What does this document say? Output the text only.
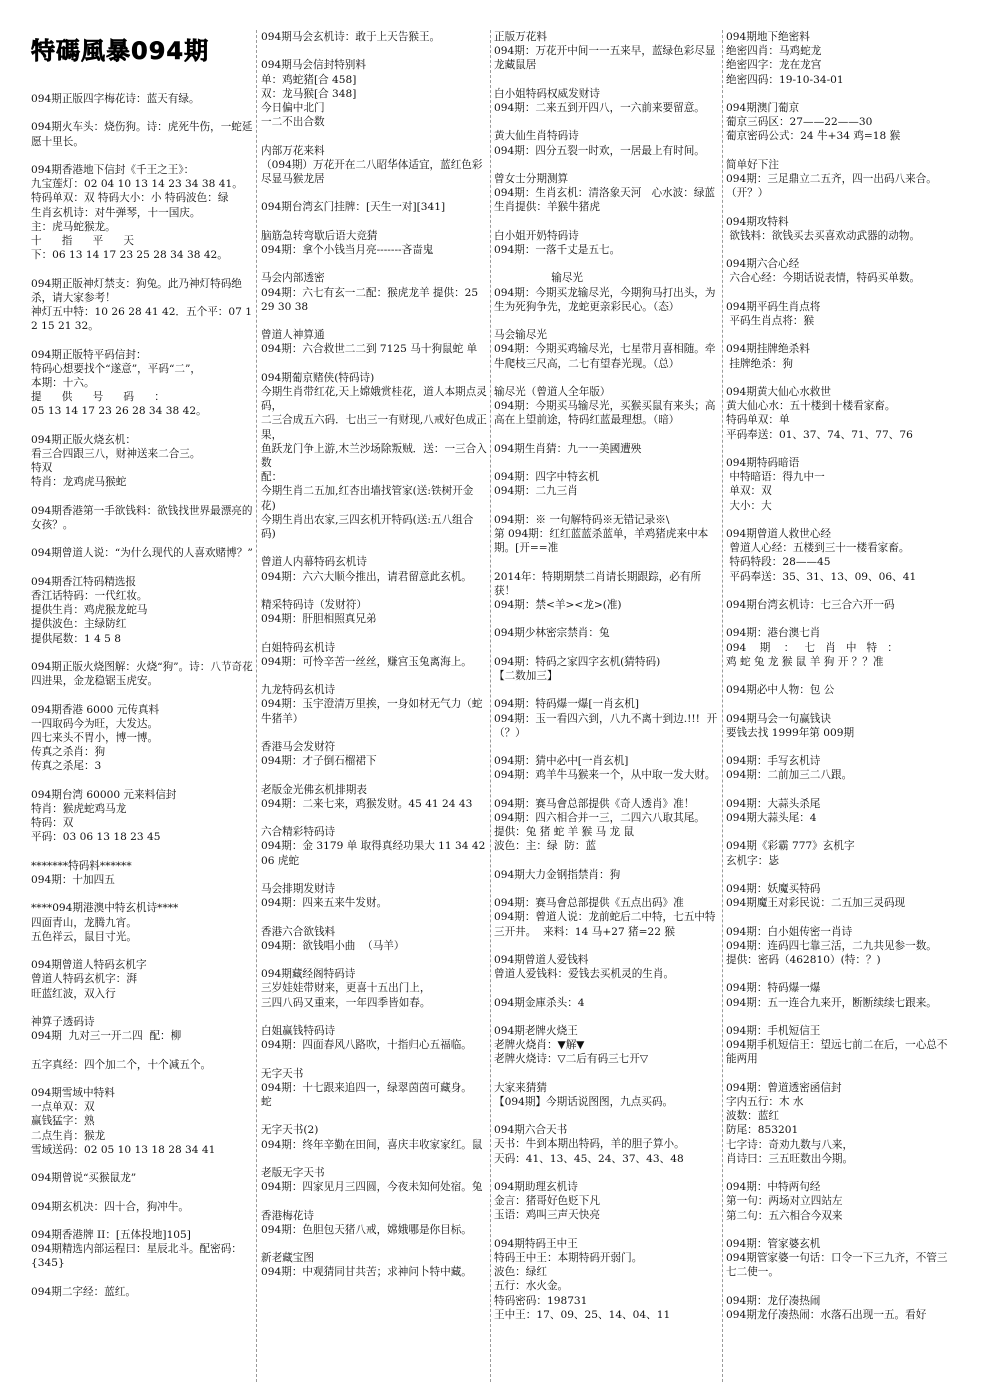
特碼風暴094期
094期正版四字梅花诗：蓝天有绿。
094期火车头：烧伤狗。诗：虎死牛伤，一蛇延愿十里长。
094期香港地下信封《千王之王》：
九宝莲灯：02 04 10 13 14 23 34 38 41。
特码单双：双 特码大小：小 特码波色：绿
生肖玄机诗：对牛弹琴，十一国庆。
主：虎马蛇猴龙。
十      指      平      天
下：06 13 14 17 23 25 28 34 38 42。
094期正版神灯禁支：狗兔。此乃神灯特码绝杀，请大家参考！
神灯五中特：10 26 28 41 42．五个平：07 12 15 21 32。
094期正版特平码信封：
特码心想要找个“遂意”，平码“二”，
本期：十六。
提      供      号      码      ：
05 13 14 17 23 26 28 34 38 42。
094期正版火烧玄机：
看三合四跟三八，财神送来二合三。
特双
特肖：龙鸡虎马猴蛇
094期香港第一手欲钱料：欲钱找世界最漂亮的女孩？。
094期曾道人说：“为什么现代的人喜欢赌博？”
094期香江特码精选报
香江话特码：一代红妆。
提供生肖：鸡虎猴龙蛇马
提供波色：主绿防红
提供尾数：1 4 5 8
094期正版火烧图解：火烧“狗”。诗：八节奇花四进果，金龙稳锯玉虎安。
094期香港 6000 元传真料
一四取码今为旺，大发达。
四七来头不胃小，博一博。
传真之杀肖：狗
传真之杀尾：3
094期台湾 60000 元来料信封
特肖：猴虎蛇鸡马龙
特码：双
平码：03 06 13 18 23 45
*******特码料******
094期：十加四五
****094期港澳中特玄机诗****
四面青山，龙腾九宵。
五色祥云，鼠目寸光。
094期曾道人特码玄机字
曾道人特码玄机字：湃
旺蓝红波，双入行
神算子透码诗
094期  九对三一开二四  配：柳
五字真经：四个加二个，十个减五个。
094期雪域中特料
一点单双：双
赢钱猛字：熟
二点生肖：猴龙
雪域送码：02 05 10 13 18 28 34 41
094期曾说“买猴鼠龙”
094期玄机决：四十合，狗冲牛。
094期香港牌 II：[五体投地]105]
094期精选内部运程曰：星辰北斗。配密码：{345}
094期二字经：蓝红。
094期马会玄机诗：敢于上天告猴王。
094期马会信封特别料
单：鸡蛇猪[合 458]
双：龙马猴[合 348]
今日偏中北门
一二不出合数
内部万花来料
（094期）万花开在二八昭华体适宜，蓝红色彩尽显马猴龙居
094期台湾玄门挂牌：[天生一对][341]
脑筋急转弯歇后语大竞猜
094期：拿个小钱当月亮-------吝啬鬼
马会内部透密
094期：六七有玄一二配：猴虎龙羊 提供：25 29 30 38
曾道人神算通
094期：六合救世二二到 7125 马十狗鼠蛇 单
094期葡京赌侠(特码诗)
今期生肖带红花,天上嫦娥赏桂花，道人本期点灵码，
二三合成五六码．七出三一有财现,八戒好色成正果，
鱼跃龙门争上游,木兰沙场除叛贼．送：一三合入数
配：
今期生肖二五加,红杏出墙找管家(送:铁树开金花)
今期生肖出农家,三四玄机开特码(送:五八组合码)
曾道人内幕特码玄机诗
094期：六六大顺今推出，请君留意此玄机。
精采特码诗（发财符）
094期：肝胆相照真兄弟
白姐特码玄机诗
094期：可怜辛苦一丝丝，赚宫玉兔离海上。
九龙特码玄机诗
094期：玉宇澄清万里挨，一身如材无气力（蛇牛猪羊）
香港马会发财符
094期：才子倒石榴裙下
老版金光佛玄机排期表
094期：二来七来，鸡猴发财。45 41 24 43
六合精彩特码诗
094期：金 3179 单 取得真经功果大 11 34 42 06 虎蛇
马会排期发财诗
094期：四来五来牛发财。
香港六合欲钱料
094期：欲钱唱小曲  （马羊）
094期藏经阁特码诗
三岁娃娃带财来，更喜十五出门上，
三四八码又重来，一年四季皆如春。
白姐赢钱特码诗
094期：四面春风八路吹，十指归心五福临。
无字天书
094期：十七跟来追四一，绿翠茵茵可藏身。  蛇
无字天书(2)
094期：终年辛勤在田间，喜庆丰收家家红。鼠
老版无字天书
094期：四家见月三四圆，今夜未知何处宿。兔
香港梅花诗
094期：色胆包天猪八戒，嫦娥哪是你目标。
新老藏宝图
094期：中观猜同甘共苦；求神问卜特中藏。
正版万花料
094期：万花开中间一一五来早，蓝绿色彩尽显龙藏鼠居
白小姐特码权威发财诗
094期：二来五到开四八，一六前来要留意。
黄大仙生肖特码诗
094期：四分五裂一时欢，一居最上有时间。
曾女士分期测算
094期：生肖玄机：清洛象天河   心水波：绿蓝   生肖提供：羊猴牛猪虎
白小姐开奶特码诗
094期：一落千丈是五七。
输尽光
094期：今期买龙输尽光，今期狗马打出头，为生为死狗争先，龙蛇更亲彩民心。（态）
马会输尽光
094期：今期买鸡输尽光，七星带月喜相随。牵牛爬枝三尺高，二七有望春光现。（总）
输尽光（曾道人全年版）
094期：今期买马输尽光，买猴买鼠有来头；高高在上望前途，特码红蓝最理想。（暗）
094期生肖猜：九一一美國遭殃
094期：四字中特玄机
094期：二九三肖
094期：※ 一句解特码※无错记录※\
第 094期：红红蓝蓝杀蓝单，羊鸡猪虎来中本期。[开==准
2014年：特期期禁二肖请长期跟踪，必有所获！
094期：禁<羊><龙>(准)
094期少林密宗禁肖：兔
094期：特码之家四字玄机(猜特码)
【二数加三】
094期：特码爆一爆[一肖玄机]
094期：玉一看四六到，八九不离十到边.!!!  开 （？）
094期：猜中必中[一肖玄机]
094期：鸡羊牛马猴来一个，从中取一发大财。
094期：赛马會总部提供《奇人透肖》准！
094期：四六相合并一三，二四六八取其尾。
提供：兔 猪 蛇 羊 猴 马 龙 鼠
波色：主：绿  防：蓝
094期大力金钢指禁肖：狗
094期：赛马會总部提供《五点出码》准
094期：曾道人说：龙前蛇后二中特，七五中特三开井。  来料：14 马+27 猪=22 猴
094期曾道人爱钱料
曾道人爱钱料：爱钱去买机灵的生肖。
094期金庫杀头：4
094期老牌火烧王
老牌火烧肖：▼解▼
老牌火烧诗：▽二后有码三七开▽
大家来猜猜
【094期】今期话说图图，九点买码。
094期六合天书
天书：牛到本期出特码，羊的胆子算小。
天码：41、13、45、24、37、43、48
094期助理玄机诗
金言：猪哥好色贬下凡
玉语：鸡叫三声天快亮
094期特码王中王
特码王中王：本期特码开弱门。
波色：绿红
五行：水火金。
特码密码：198731
王中王：17、09、25、14、04、11
094期地下绝密料
绝密四肖：马鸡蛇龙
绝密四字：龙在龙宫
绝密四码：19-10-34-01
094期澳门葡京
葡京三码区：27——22——30
葡京密码公式：24 牛+34 鸡=18 猴
简单好下注
094期：三足鼎立二五齐，四一出码八来合。（开？）
094期攻特料
欲钱料：欲钱买去买喜欢动武器的动物。
094期六合心经
六合心经：今期话说表情，特码买单数。
094期平码生肖点将
平码生肖点将：猴
094期挂牌绝杀料
挂牌绝杀：狗
094期黄大仙心水救世
黄大仙心水：五十楼到十楼看家畜。
特码单双：单
平码奉送：01、37、74、71、77、76
094期特码暗语
中特暗语：得九中一
单双：双
大小：大
094期曾道人救世心经
曾道人心经：五楼到三十一楼看家畜。
特码特段：28——45
平码奉送：35、31、13、09、06、41
094期台湾玄机诗：七三合六开一码
094期：港台澳七肖
094    期    ：   七   肖   中   特   ：
鸡 蛇 兔 龙 猴 鼠 羊 狗 开 ？？准
094期必中人物：包 公
094期马会一句赢钱诀
要钱去找 1999年第 009期
094期：手写玄机诗
094期：二前加三二八跟。
094期：大蒜头杀尾
094期大蒜头尾：4
094期《彩霸 777》玄机字
玄机字：毖
094期：妖魔买特码
094期魔王对彩民说：二五加三灵码现
094期：白小姐传密一肖诗
094期：连码四七靠三活，二九共见参一数。
提供：密码（462810）(特：？)
094期：特码爆一爆
094期：五一连合九来开，断断续续七跟来。
094期：手机短信王
094期手机短信王：望远七前二在后，一心总不能两用
094期：曾道透密函信封
字内五行：木 水
波数：蓝红
防尾：853201
七字诗：奇劝九数与八来，
肖诗曰：三五旺数出今期。
094期：中特两句经
第一句：两场对立四站左
第二句：五六相合今双来
094期：管家婆玄机
094期管家婆一句话：口令一下三九齐，不管三七二使一。
094期：龙仔凑热闹
094期龙仔凑热闹：水落石出现一五。看好
